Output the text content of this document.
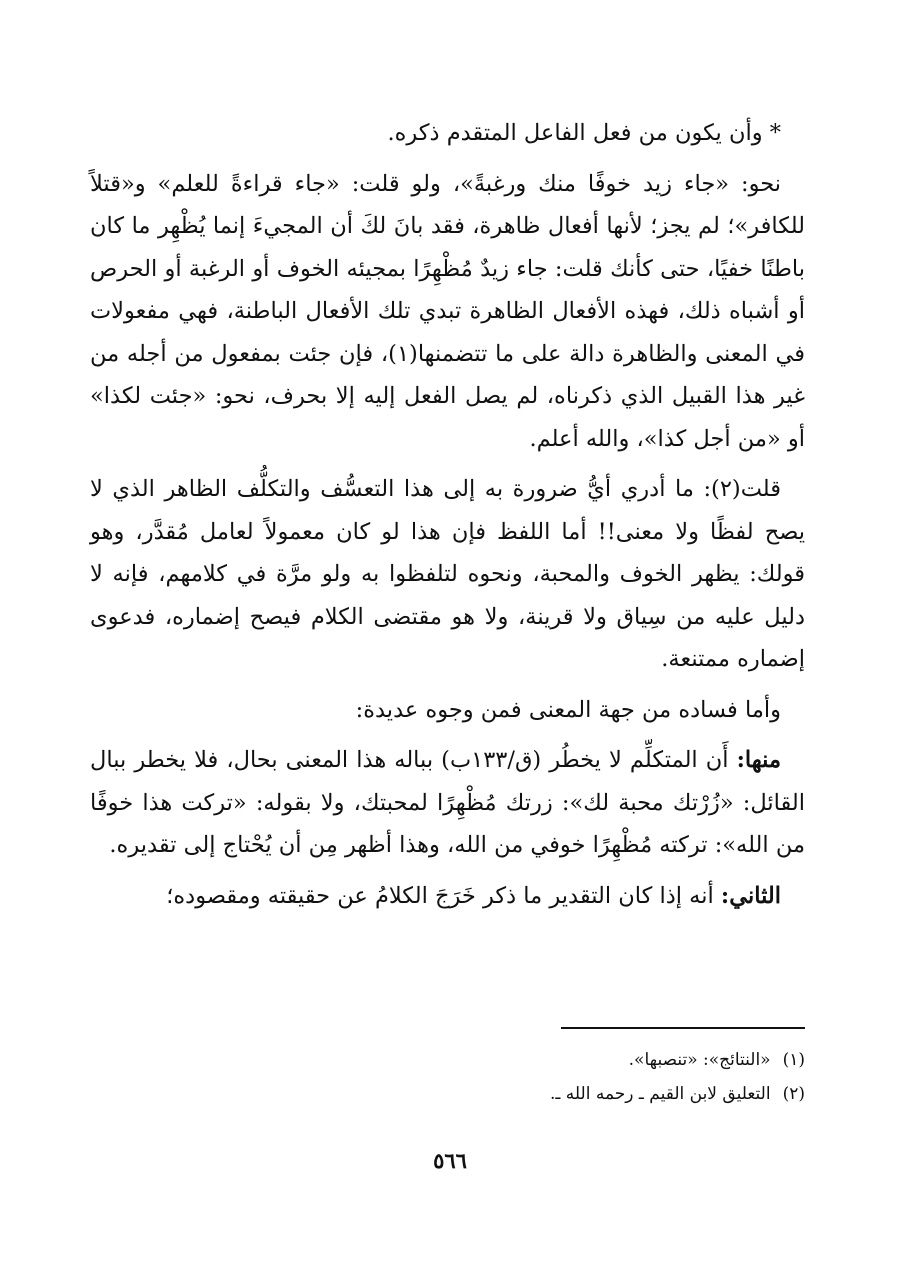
* وأن يكون من فعل الفاعل المتقدم ذكره.

نحو: «جاء زيد خوفًا منك ورغبةً»، ولو قلت: «جاء قراءةً للعلم» و«قتلاً للكافر»؛ لم يجز؛ لأنها أفعال ظاهرة، فقد بانَ لكَ أن المجيءَ إنما يُظْهِر ما كان باطنًا خفيًا، حتى كأنك قلت: جاء زيدٌ مُظْهِرًا بمجيئه الخوف أو الرغبة أو الحرص أو أشباه ذلك، فهذه الأفعال الظاهرة تبدي تلك الأفعال الباطنة، فهي مفعولات في المعنى والظاهرة دالة على ما تتضمنها(١)، فإن جئت بمفعول من أجله من غير هذا القبيل الذي ذكرناه، لم يصل الفعل إليه إلا بحرف، نحو: «جئت لكذا» أو «من أجل كذا»، والله أعلم.

قلت(٢): ما أدري أيُّ ضرورة به إلى هذا التعسُّف والتكلُّف الظاهر الذي لا يصح لفظًا ولا معنى!! أما اللفظ فإن هذا لو كان معمولاً لعامل مُقدَّر، وهو قولك: يظهر الخوف والمحبة، ونحوه لتلفظوا به ولو مرَّة في كلامهم، فإنه لا دليل عليه من سِياق ولا قرينة، ولا هو مقتضى الكلام فيصح إضماره، فدعوى إضماره ممتنعة.

وأما فساده من جهة المعنى فمن وجوه عديدة:

منها: أَن المتكلِّم لا يخطُر (ق/١٣٣ب) بباله هذا المعنى بحال، فلا يخطر ببال القائل: «زُرْتك محبة لك»: زرتك مُظْهِرًا لمحبتك، ولا بقوله: «تركت هذا خوفًا من الله»: تركته مُظْهِرًا خوفي من الله، وهذا أظهر مِن أن يُحْتاج إلى تقديره.

الثاني: أنه إذا كان التقدير ما ذكر خَرَجَ الكلامُ عن حقيقته ومقصوده؛

(١)«النتائج»: «تنصبها».
(٢)التعليق لابن القيم ـ رحمه الله ـ.
٥٦٦
